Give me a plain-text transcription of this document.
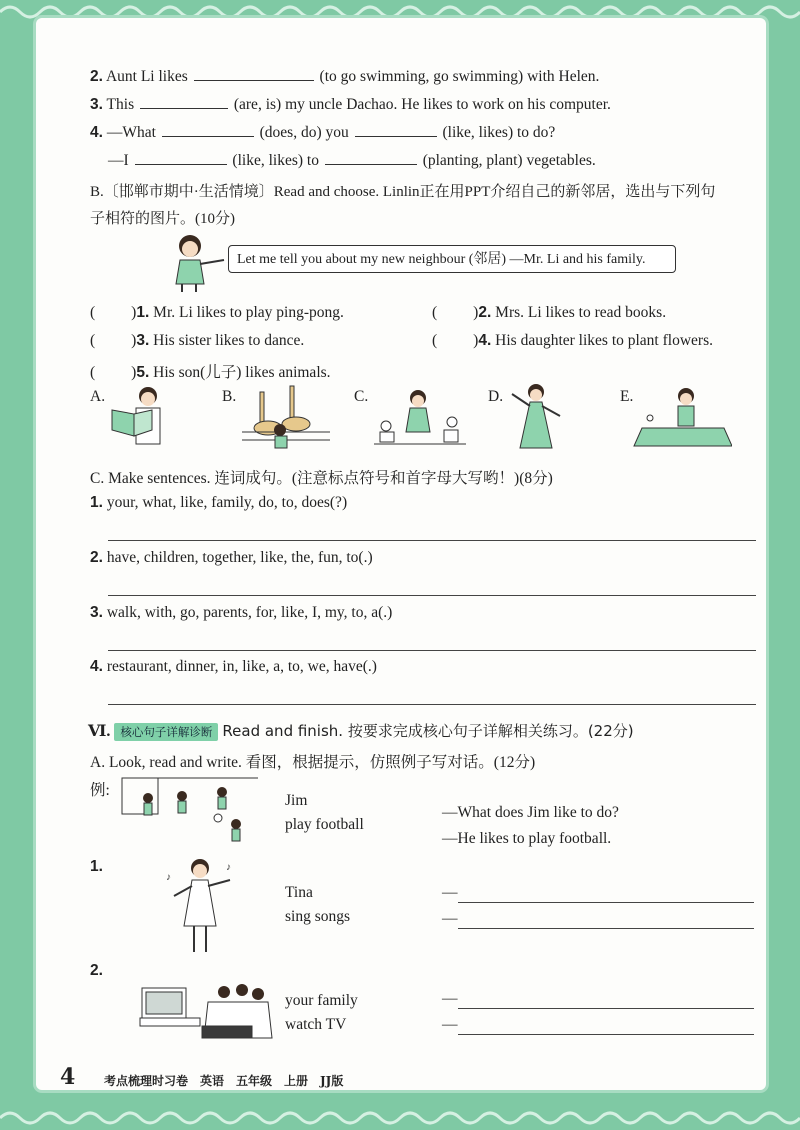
2. Aunt Li likes	(to go swimming, go swimming) with Helen.
3. This	(are, is) my uncle Dachao. He likes to work on his computer.
4. —What	(does, do) you	(like, likes) to do?
—I	(like, likes) to	(planting, plant) vegetables.
B.〔邯郸市期中·生活情境〕Read and choose. Linlin正在用PPT介绍自己的新邻居，选出与下列句
子相符的图片。(10分)
Let me tell you about my new neighbour (邻居) —Mr. Li and his family.
( )1. Mr. Li likes to play ping-pong.	( )2. Mrs. Li likes to read books.
( )3. His sister likes to dance.	( )4. His daughter likes to plant flowers.
( )5. His son(儿子) likes animals.
A.	B.	C.	D.	E.
C. Make sentences. 连词成句。(注意标点符号和首字母大写哟！)(8分)
1. your, what, like, family, do, to, does(?)
2. have, children, together, like, the, fun, to(.)
3. walk, with, go, parents, for, like, I, my, to, a(.)
4. restaurant, dinner, in, like, a, to, we, have(.)
Ⅵ. 核心句子详解诊断 Read and finish. 按要求完成核心句子详解相关练习。(22分)
A. Look, read and write. 看图，根据提示，仿照例子写对话。(12分)
例:
Jim
play football
—What does Jim like to do?
—He likes to play football.
1.	♪
♪
Tina
sing songs
—
—
2.
your family
watch TV
—
—
4 考点梳理时习卷　英语　五年级　上册　JJ版
